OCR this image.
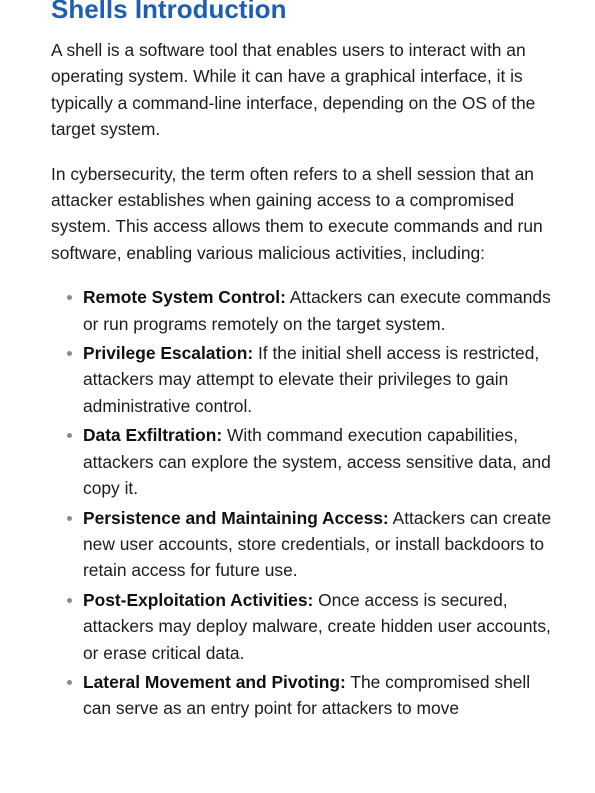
Shells Introduction

A shell is a software tool that enables users to interact with an operating system. While it can have a graphical interface, it is typically a command-line interface, depending on the OS of the target system.

In cybersecurity, the term often refers to a shell session that an attacker establishes when gaining access to a compromised system. This access allows them to execute commands and run software, enabling various malicious activities, including:

Remote System Control: Attackers can execute commands or run programs remotely on the target system.
Privilege Escalation: If the initial shell access is restricted, attackers may attempt to elevate their privileges to gain administrative control.
Data Exfiltration: With command execution capabilities, attackers can explore the system, access sensitive data, and copy it.
Persistence and Maintaining Access: Attackers can create new user accounts, store credentials, or install backdoors to retain access for future use.
Post-Exploitation Activities: Once access is secured, attackers may deploy malware, create hidden user accounts, or erase critical data.
Lateral Movement and Pivoting: The compromised shell can serve as an entry point for attackers to move
